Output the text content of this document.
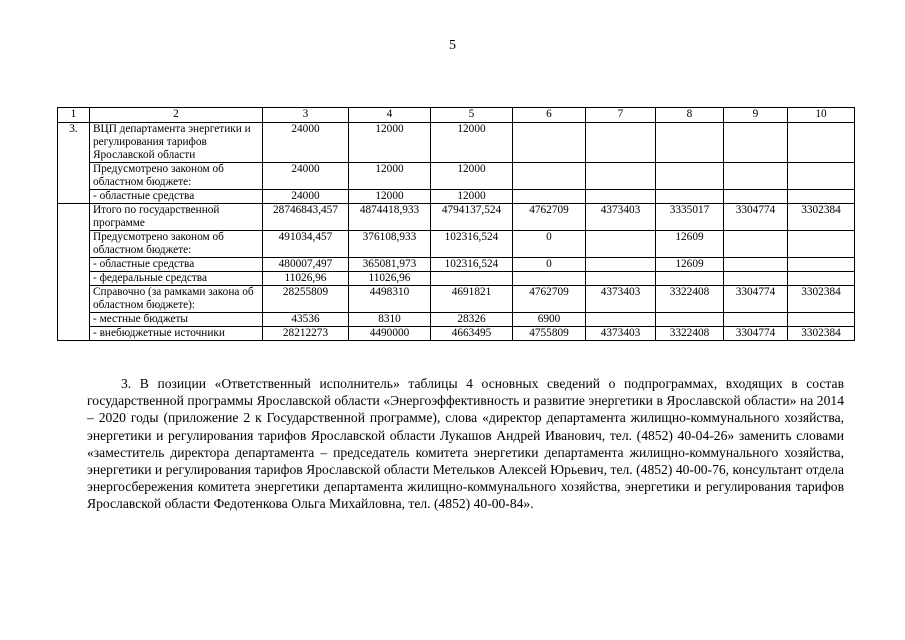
5
1	2	3	4	5	6	7	8	9	10
3.	ВЦП департамента энергетики и регулирования тарифов Ярославской области	24000	12000	12000					
	Предусмотрено законом об областном бюджете:	24000	12000	12000					
	- областные средства	24000	12000	12000					
	Итого по государственной программе	28746843,457	4874418,933	4794137,524	4762709	4373403	3335017	3304774	3302384
	Предусмотрено законом об областном бюджете:	491034,457	376108,933	102316,524	0		12609		
	- областные средства	480007,497	365081,973	102316,524	0		12609		
	- федеральные средства	11026,96	11026,96						
	Справочно (за рамками закона об областном бюджете):	28255809	4498310	4691821	4762709	4373403	3322408	3304774	3302384
	- местные бюджеты	43536	8310	28326	6900				
	- внебюджетные источники	28212273	4490000	4663495	4755809	4373403	3322408	3304774	3302384

3. В позиции «Ответственный исполнитель» таблицы 4 основных сведений о подпрограммах, входящих в состав государственной программы Ярославской области «Энергоэффективность и развитие энергетики в Ярославской области» на 2014 – 2020 годы (приложение 2 к Государственной программе), слова «директор департамента жилищно-коммунального хозяйства, энергетики и регулирования тарифов Ярославской области Лукашов Андрей Иванович, тел. (4852) 40-04-26» заменить словами «заместитель директора департамента – председатель комитета энергетики департамента жилищно-коммунального хозяйства, энергетики и регулирования тарифов Ярославской области Метельков Алексей Юрьевич, тел. (4852) 40-00-76, консультант отдела энергосбережения комитета энергетики департамента жилищно-коммунального хозяйства, энергетики и регулирования тарифов Ярославской области Федотенкова Ольга Михайловна, тел. (4852) 40-00-84».
